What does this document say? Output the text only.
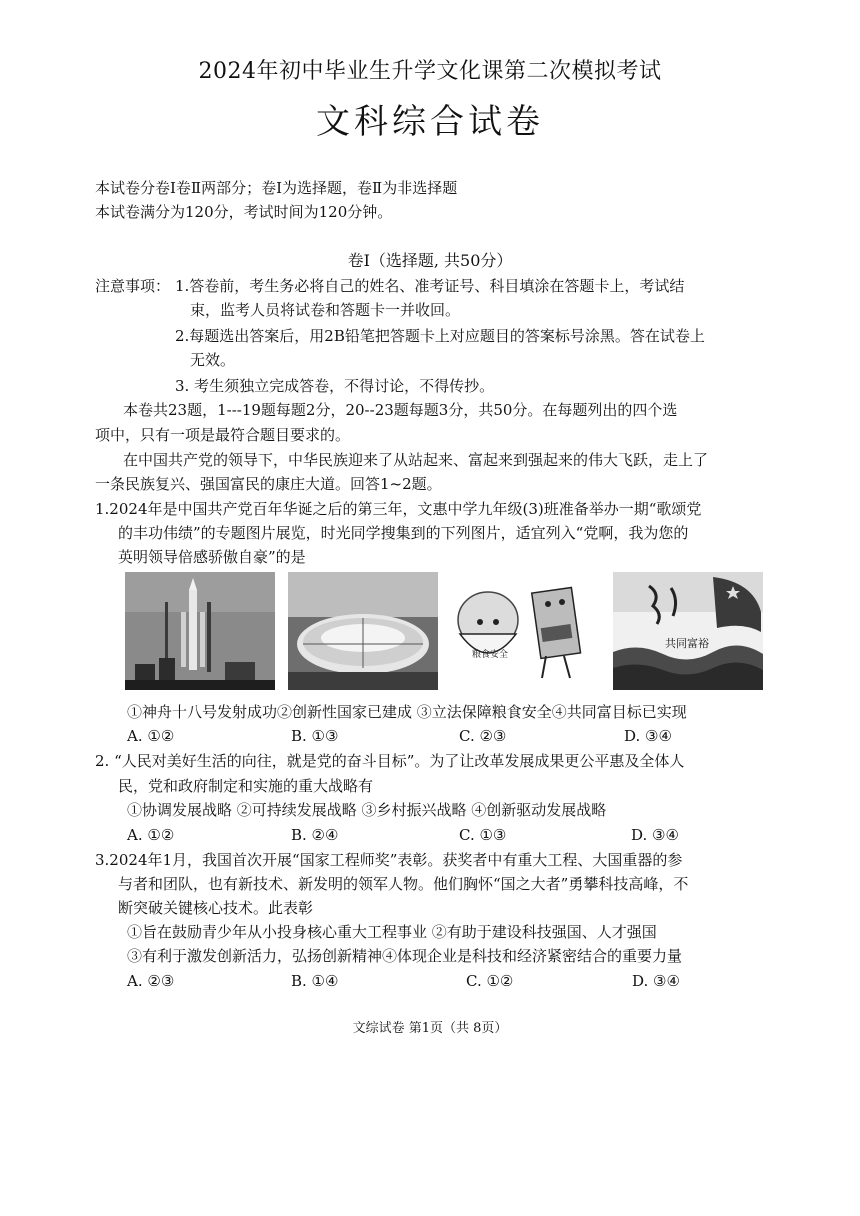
2024年初中毕业生升学文化课第二次模拟考试
文科综合试卷
本试卷分卷Ⅰ卷Ⅱ两部分；卷Ⅰ为选择题，卷Ⅱ为非选择题
本试卷满分为120分，考试时间为120分钟。
卷Ⅰ（选择题, 共50分）
注意事项： 1.答卷前，考生务必将自己的姓名、准考证号、科目填涂在答题卡上，考试结
束，监考人员将试卷和答题卡一并收回。
2.每题选出答案后，用2B铅笔把答题卡上对应题目的答案标号涂黑。答在试卷上
无效。
3. 考生须独立完成答卷，不得讨论，不得传抄。
本卷共23题，1---19题每题2分，20--23题每题3分，共50分。在每题列出的四个选
项中，只有一项是最符合题目要求的。
在中国共产党的领导下，中华民族迎来了从站起来、富起来到强起来的伟大飞跃，走上了
一条民族复兴、强国富民的康庄大道。回答1~2题。
1.2024年是中国共产党百年华诞之后的第三年，文惠中学九年级(3)班准备举办一期“歌颂党
的丰功伟绩”的专题图片展览，时光同学搜集到的下列图片，适宜列入“党啊，我为您的
英明领导倍感骄傲自豪”的是
粮食安全
共同富裕
①神舟十八号发射成功②创新性国家已建成 ③立法保障粮食安全④共同富目标已实现
A. ①②	B. ①③	C. ②③	D. ③④
2. “人民对美好生活的向往，就是党的奋斗目标”。为了让改革发展成果更公平惠及全体人
民，党和政府制定和实施的重大战略有
①协调发展战略 ②可持续发展战略 ③乡村振兴战略 ④创新驱动发展战略
A. ①②	B. ②④	C. ①③	D. ③④
3.2024年1月，我国首次开展“国家工程师奖”表彰。获奖者中有重大工程、大国重器的参
与者和团队，也有新技术、新发明的领军人物。他们胸怀“国之大者”勇攀科技高峰，不
断突破关键核心技术。此表彰
①旨在鼓励青少年从小投身核心重大工程事业 ②有助于建设科技强国、人才强国
③有利于激发创新活力，弘扬创新精神④体现企业是科技和经济紧密结合的重要力量
A. ②③	B. ①④	C. ①②	D. ③④
文综试卷 第1页（共 8页）
